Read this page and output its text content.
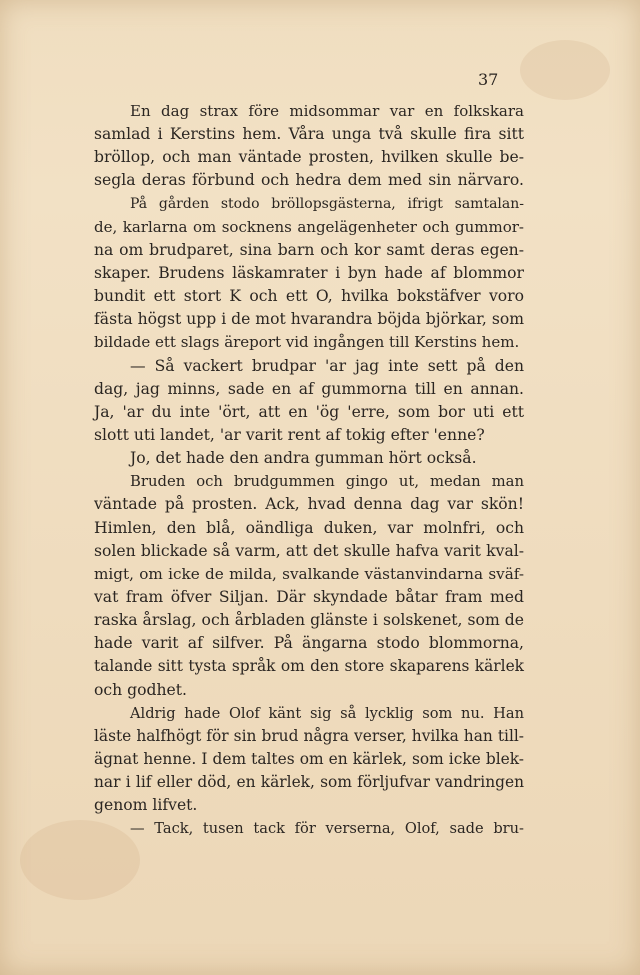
37
En dag strax före midsommar var en folkskara
samlad i Kerstins hem. Våra unga två skulle fira sitt
bröllop, och man väntade prosten, hvilken skulle be-
segla deras förbund och hedra dem med sin närvaro.
På gården stodo bröllopsgästerna, ifrigt samtalan-
de, karlarna om socknens angelägenheter och gummor-
na om brudparet, sina barn och kor samt deras egen-
skaper. Brudens läskamrater i byn hade af blommor
bundit ett stort K och ett O, hvilka bokstäfver voro
fästa högst upp i de mot hvarandra böjda björkar, som
bildade ett slags äreport vid ingången till Kerstins hem.
— Så vackert brudpar 'ar jag inte sett på den
dag, jag minns, sade en af gummorna till en annan.
Ja, 'ar du inte 'ört, att en 'ög 'erre, som bor uti ett
slott uti landet, 'ar varit rent af tokig efter 'enne?
Jo, det hade den andra gumman hört också.
Bruden och brudgummen gingo ut, medan man
väntade på prosten. Ack, hvad denna dag var skön!
Himlen, den blå, oändliga duken, var molnfri, och
solen blickade så varm, att det skulle hafva varit kval-
migt, om icke de milda, svalkande västanvindarna sväf-
vat fram öfver Siljan. Där skyndade båtar fram med
raska årslag, och årbladen glänste i solskenet, som de
hade varit af silfver. På ängarna stodo blommorna,
talande sitt tysta språk om den store skaparens kärlek
och godhet.
Aldrig hade Olof känt sig så lycklig som nu. Han
läste halfhögt för sin brud några verser, hvilka han till-
ägnat henne. I dem taltes om en kärlek, som icke blek-
nar i lif eller död, en kärlek, som förljufvar vandringen
genom lifvet.
— Tack, tusen tack för verserna, Olof, sade bru-
